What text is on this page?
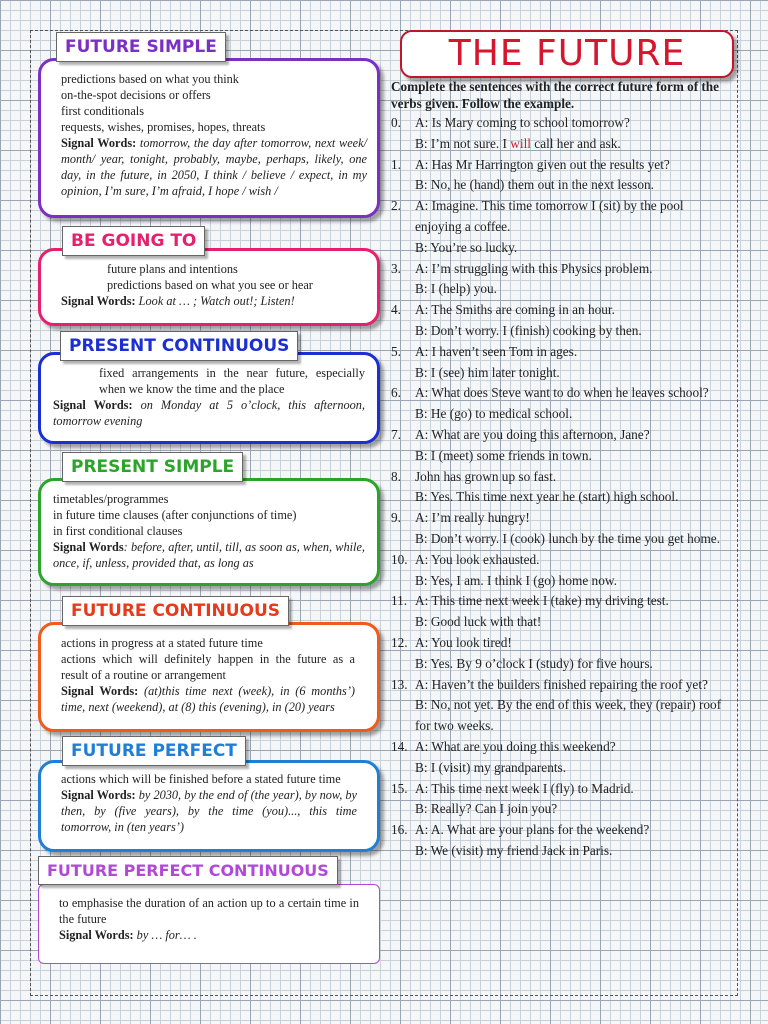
predictions based on what you think

on-the-spot decisions or offers

first conditionals

requests, wishes, promises, hopes, threats

Signal Words: tomorrow, the day after tomorrow, next week/ month/ year, tonight, probably, maybe, perhaps, likely, one day, in the future, in 2050, I think / believe / expect, in my opinion, I’m sure, I’m afraid, I hope / wish /

FUTURE SIMPLE

future plans and intentions

predictions based on what you see or hear

Signal Words: Look at … ; Watch out!; Listen!

BE GOING TO

fixed arrangements in the near future, especially when we know the time and the place

Signal Words: on Monday at 5 o’clock, this afternoon, tomorrow evening

PRESENT CONTINUOUS

timetables/programmes

in future time clauses (after conjunctions of time)

in first conditional clauses

Signal Words: before, after, until, till, as soon as, when, while, once, if, unless, provided that, as long as

PRESENT SIMPLE

actions in progress at a stated future time

actions which will definitely happen in the future as a result of a routine or arrangement

Signal Words: (at)this time next (week), in (6 months’) time, next (weekend), at (8) this (evening), in (20) years

FUTURE CONTINUOUS

actions which will be finished before a stated future time

Signal Words: by 2030, by the end of (the year), by now, by then, by (five years), by the time (you)..., this time tomorrow, in (ten years’)

FUTURE PERFECT

to emphasise the duration of an action up to a certain time in the future

Signal Words: by … for… .

FUTURE PERFECT CONTINUOUS
THE FUTURE
Complete the sentences with the correct future form of the verbs given. Follow the example.
0.	A: Is Mary coming to school tomorrow?
B: I’m not sure. I will call her and ask.
1.	A: Has Mr Harrington given out the results yet?
B: No, he (hand) them out in the next lesson.
2.	A: Imagine. This time tomorrow I (sit) by the pool enjoying a coffee.
B: You’re so lucky.
3.	A: I’m struggling with this Physics problem.
B: I (help) you.
4.	A: The Smiths are coming in an hour.
B: Don’t worry. I (finish) cooking by then.
5.	A: I haven’t seen Tom in ages.
B: I (see) him later tonight.
6.	A: What does Steve want to do when he leaves school?
B: He (go) to medical school.
7.	A: What are you doing this afternoon, Jane?
B: I (meet) some friends in town.
8.	John has grown up so fast.
B: Yes. This time next year he (start) high school.
9.	A: I’m really hungry!
B: Don’t worry. I (cook) lunch by the time you get home.
10. A: You look exhausted.
B: Yes, I am. I think I (go) home now.
11. A: This time next week I (take) my driving test.
B: Good luck with that!
12. A: You look tired!
B: Yes. By 9 o’clock I (study) for five hours.
13. A: Haven’t the builders finished repairing the roof yet?
B: No, not yet. By the end of this week, they (repair) roof for two weeks.
14. A: What are you doing this weekend?
B: I (visit) my grandparents.
15. A: This time next week I (fly) to Madrid.
B: Really? Can I join you?
16. A: A. What are your plans for the weekend?
B: We (visit) my friend Jack in Paris.
